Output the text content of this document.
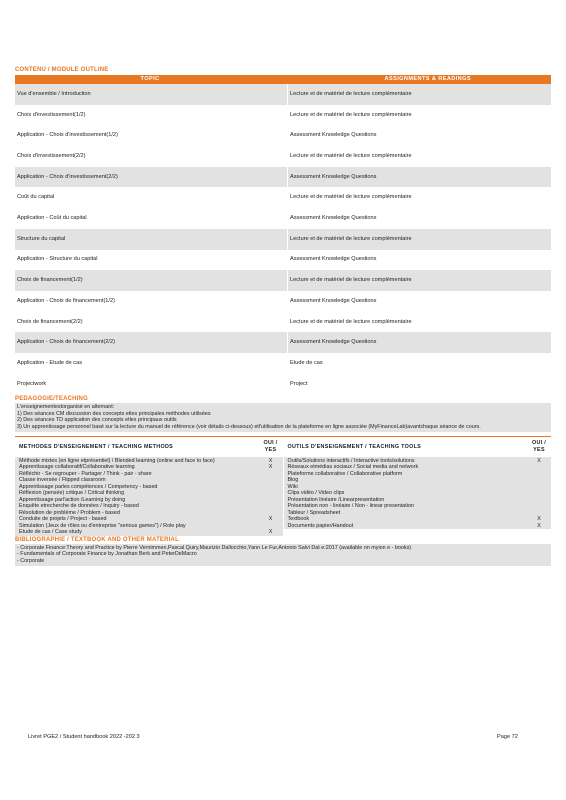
CONTENU / MODULE OUTLINE
TOPIC	ASSIGNMENTS & READINGS
Vue d'ensemble / Introduction	Lecture et de matériel de lecture complémentaire
Choix d'investissement(1/2)	Lecture et de matériel de lecture complémentaire
Application - Choix d'investissement(1/2)	Assessment Knowledge Questions
Choix d'investissement(2/2)	Lecture et de matériel de lecture complémentaire
Application - Choix d'investissement(2/2)	Assessment Knowledge Questions
Coût du capital	Lecture et de matériel de lecture complémentaire
Application - Coût du capital	Assessment Knowledge Questions
Structure du capital	Lecture et de matériel de lecture complémentaire
Application - Structure du capital	Assessment Knowledge Questions
Choix de financement(1/2)	Lecture et de matériel de lecture complémentaire
Application - Choix de financement(1/2)	Assessment Knowledge Questions
Choix de financement(2/2)	Lecture et de matériel de lecture complémentaire
Application - Choix de financement(2/2)	Assessment Knowledge Questions
Application - Etude de cas	Etude de cas
Projectwork	Project
PEDAGOGIE/TEACHING
L'enseignementestorganisé en alternant:
1) Des séances CM discussion des concepts etles principales méthodes utilisées
2) Des séances TD application des concepts etles principaux outils
3) Un apprentissage personnel basé sur la lecture du manuel de référence (voir détails ci-dessous) etl'utilisation de la plateforme en ligne associée (MyFinanceLab)avantchaque séance de cours.
METHODES D'ENSEIGNEMENT / TEACHING METHODS
OUI / YES
Méthode mixtes (en ligne etprésentiel) / Blended learning (online and face to face)	X
Apprentissage collaboratif/Collaborative learning	X
Réfléchir - Se regrouper - Partager / Think - pair - share
Classe inversée / Flipped classroom
Apprentissage parles compétences / Competency - based
Réflexion (pensée) critique / Critical thinking
Apprentissage parl'action /Learning by doing
Enquête etrecherche de données / Inquiry - based
Résolution de problème / Problem - based
Conduite de projets / Project - based	X
Simulation (Jeux de rôles ou d'entreprise "serious games") / Role play
Etude de cas / Case study	X
OUTILS D'ENSEIGNEMENT / TEACHING TOOLS
OUI / YES
Outils/Solutions interactifs / Interactive tools/solutions	X
Réseaux etmédias sociaux / Social media and network
Plateforme collaborative / Collaborative platform
Blog
Wiki
Clips vidéo / Video clips
Présentation linéaire /Linearpresentation
Présentation non - linéaire / Non - linear presentation
Tableur / Spreadsheet
Textbook	X
Documents papier/Handout	X
BIBLIOGRAPHIE / TEXTBOOK AND OTHER MATERIAL
- Corporate Finance:Theory and Practice by Pierre Vernimmen,Pascal Quiry,Maurizio Dallocchio,Yann Le Fur,Antonio Salvi Dat e:2017 (available on myion e - books)
- Fundamentals of Corporate Finance by Jonathan Berk and PeterDeMarzo
- Corporate
Livret PGE2 / Student handbook 2022 -202 3	Page 72
